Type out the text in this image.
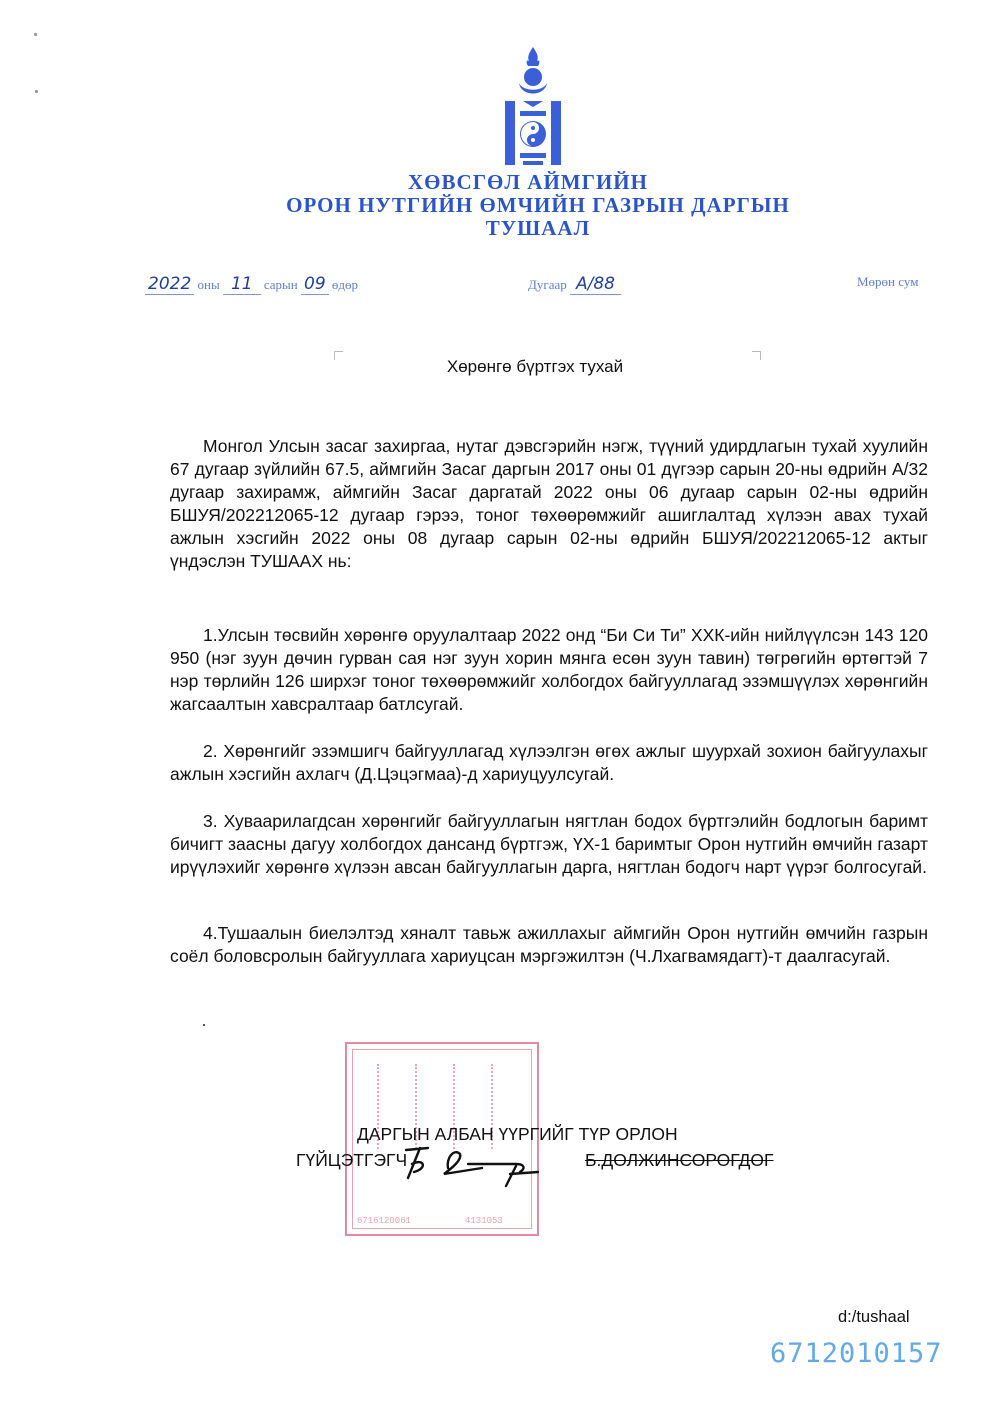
ХӨВСГӨЛ АЙМГИЙН
ОРОН НУТГИЙН ӨМЧИЙН ГАЗРЫН ДАРГЫН
ТУШААЛ
2022 оны 11 сарын 09 өдөр	Дугаар А/88	Мөрөн сум
Хөрөнгө бүртгэх тухай

Монгол Улсын засаг захиргаа, нутаг дэвсгэрийн нэгж, түүний удирдлагын тухай хуулийн 67 дугаар зүйлийн 67.5, аймгийн Засаг даргын 2017 оны 01 дүгээр сарын 20-ны өдрийн А/32 дугаар захирамж, аймгийн Засаг даргатай 2022 оны 06 дугаар сарын 02-ны өдрийн БШУЯ/202212065-12 дугаар гэрээ, тоног төхөөрөмжийг ашиглалтад хүлээн авах тухай ажлын хэсгийн 2022 оны 08 дугаар сарын 02-ны өдрийн БШУЯ/202212065-12 актыг үндэслэн ТУШААХ нь:

1.Улсын төсвийн хөрөнгө оруулалтаар 2022 онд “Би Си Ти” ХХК-ийн нийлүүлсэн 143 120 950 (нэг зуун дөчин гурван сая нэг зуун хорин мянга есөн зуун тавин) төгрөгийн өртөгтэй 7 нэр төрлийн 126 ширхэг тоног төхөөрөмжийг холбогдох байгууллагад эзэмшүүлэх хөрөнгийн жагсаалтын хавсралтаар батлсугай.

2. Хөрөнгийг эзэмшигч байгууллагад хүлээлгэн өгөх ажлыг шуурхай зохион байгуулахыг ажлын хэсгийн ахлагч (Д.Цэцэгмаа)-д хариуцуулсугай.

3. Хуваарилагдсан хөрөнгийг байгууллагын нягтлан бодох бүртгэлийн бодлогын баримт бичигт заасны дагуу холбогдох дансанд бүртгэж, ҮХ-1 баримтыг Орон нутгийн өмчийн газарт ирүүлэхийг хөрөнгө хүлээн авсан байгууллагын дарга, нягтлан бодогч нарт үүрэг болгосугай.

4.Тушаалын биелэлтэд хяналт тавьж ажиллахыг аймгийн Орон нутгийн өмчийн газрын соёл боловсролын байгууллага хариуцсан мэргэжилтэн (Ч.Лхагвамядагт)-т даалгасугай.

6716120061	4131053
ДАРГЫН АЛБАН ҮҮРГИЙГ ТҮР ОРЛОН
ГҮЙЦЭТГЭГЧ	Б.ДОЛЖИНСОРОГДОГ
d:/tushaal
6712010157
